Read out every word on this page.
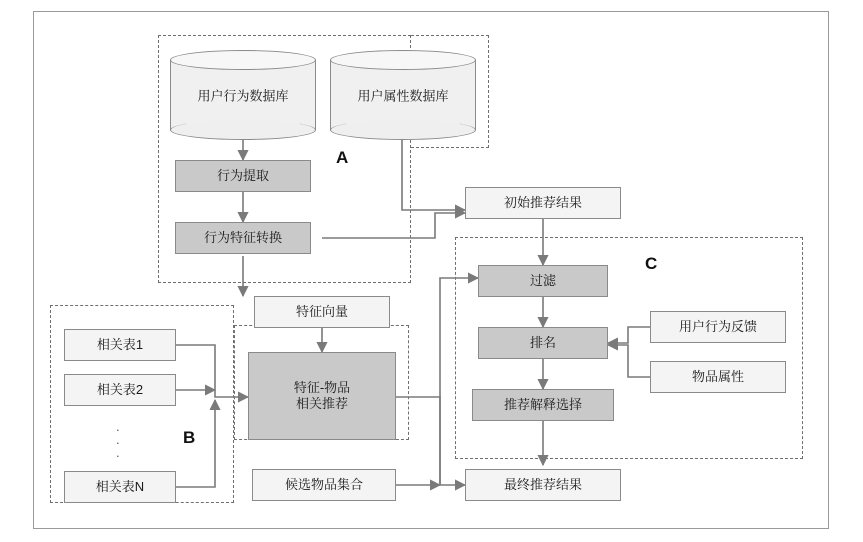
A
B
C
用户行为数据库	用户属性数据库
行为提取
行为特征转换
特征向量
相关表1
相关表2
.
.
.
相关表N
特征-物品
相关推荐
候选物品集合
初始推荐结果
过滤
排名
推荐解释选择
最终推荐结果
用户行为反馈
物品属性
